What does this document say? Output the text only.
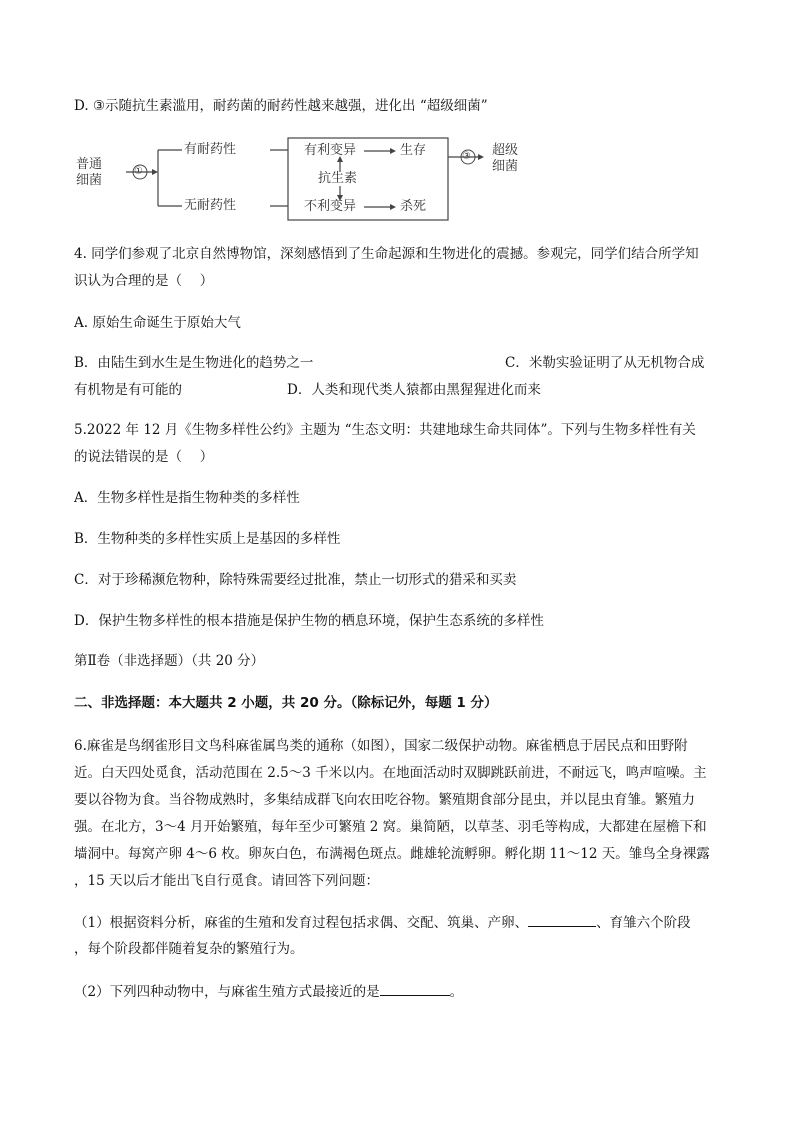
D. ③示随抗生素滥用，耐药菌的耐药性越来越强，进化出 “超级细菌”
普通
细菌
①
有耐药性
无耐药性
有利变异	生存
抗生素
不利变异	杀死
③ 超级
细菌
4. 同学们参观了北京自然博物馆，深刻感悟到了生命起源和生物进化的震撼。参观完，同学们结合所学知
识认为合理的是（　 ）
A. 原始生命诞生于原始大气
B．由陆生到水生是生物进化的趋势之一	C．米勒实验证明了从无机物合成
有机物是有可能的	D．人类和现代类人猿都由黑猩猩进化而来
5.2022 年 12 月《生物多样性公约》主题为 “生态文明：共建地球生命共同体”。下列与生物多样性有关
的说法错误的是（　 ）
A．生物多样性是指生物种类的多样性
B．生物种类的多样性实质上是基因的多样性
C．对于珍稀濒危物种，除特殊需要经过批准，禁止一切形式的猎采和买卖
D．保护生物多样性的根本措施是保护生物的栖息环境，保护生态系统的多样性
第Ⅱ卷（非选择题）（共 20 分）
二、非选择题：本大题共 2 小题，共 20 分。（除标记外，每题 1 分）
6.麻雀是鸟纲雀形目文鸟科麻雀属鸟类的通称（如图），国家二级保护动物。麻雀栖息于居民点和田野附
近。白天四处觅食，活动范围在 2.5～3 千米以内。在地面活动时双脚跳跃前进，不耐远飞，鸣声喧噪。主
要以谷物为食。当谷物成熟时，多集结成群飞向农田吃谷物。繁殖期食部分昆虫，并以昆虫育雏。繁殖力
强。在北方，3～4 月开始繁殖，每年至少可繁殖 2 窝。巢简陋，以草茎、羽毛等构成，大都建在屋檐下和
墙洞中。每窝产卵 4～6 枚。卵灰白色，布满褐色斑点。雌雄轮流孵卵。孵化期 11～12 天。雏鸟全身裸露
，15 天以后才能出飞自行觅食。请回答下列问题：
（1）根据资料分析，麻雀的生殖和发育过程包括求偶、交配、筑巢、产卵、	、育雏六个阶段
，每个阶段都伴随着复杂的繁殖行为。
（2）下列四种动物中，与麻雀生殖方式最接近的是	。
